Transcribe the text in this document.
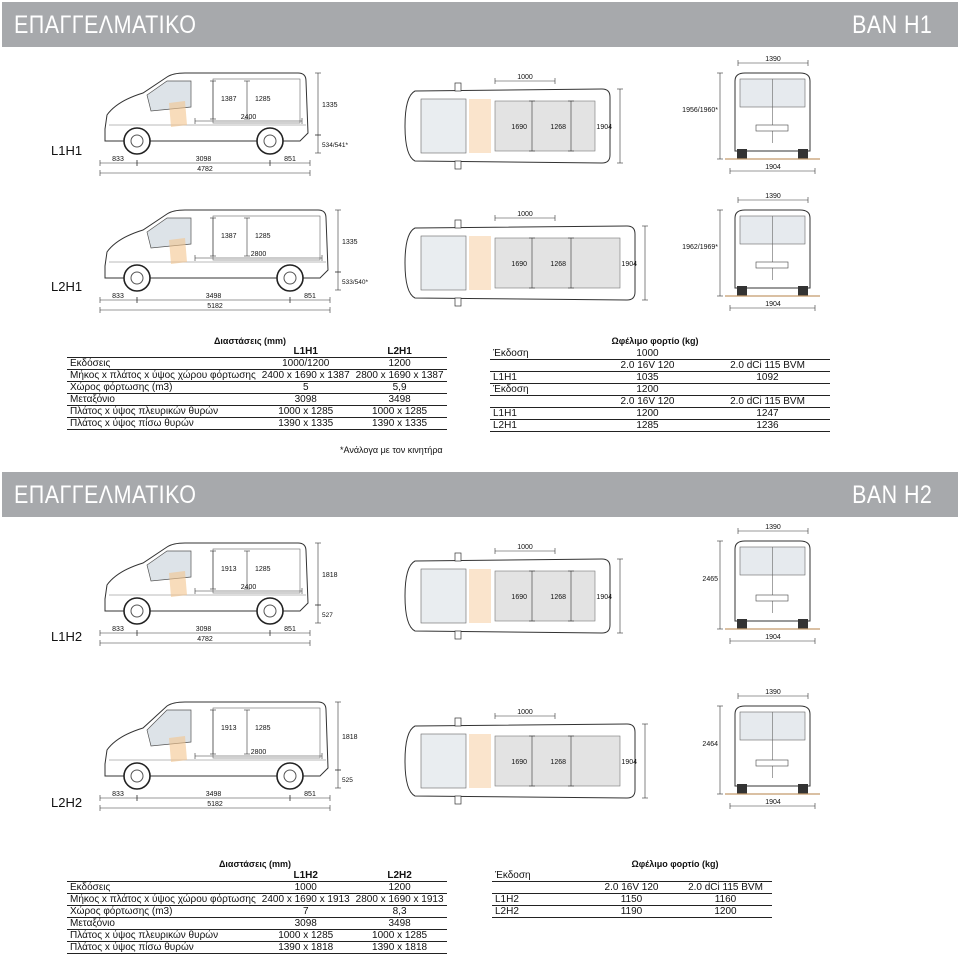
ΕΠΑΓΓΕΛΜΑΤΙΚΟ	BAN H1
ΕΠΑΓΓΕΛΜΑΤΙΚΟ	BAN H2
L1H1
L2H1
L1H2
L2H2
1387	1285
2400
1335
534/541*
833	3098	851
4782
1000
1690	1268	1904
1390
1956/1960*
1904
1387	1285
2800
1335
533/540*
833	3498	851
5182
1000
1690	1268	1904
1390
1962/1969*
1904
1913	1285
2400
1818
527
833	3098	851
4782
1000
1690	1268	1904
1390
2465
1904
1913	1285
2800
1818
525
833	3498	851
5182
1000
1690	1268	1904
1390
2464
1904
Διαστάσεις (mm)
	L1H1	L2H1
Εκδόσεις	1000/1200	1200
Μήκος x πλάτος x ύψος χώρου φόρτωσης	2400 x 1690 x 1387	2800 x 1690 x 1387
Χώρος φόρτωσης (m3)	5	5,9
Μεταξόνιο	3098	3498
Πλάτος x ύψος πλευρικών θυρών	1000 x 1285	1000 x 1285
Πλάτος x ύψος πίσω θυρών	1390 x 1335	1390 x 1335
*Ανάλογα με τον κινητήρα
Ωφέλιμο φορτίο (kg)
Έκδοση	1000	
	2.0 16V 120	2.0 dCi 115 BVM
L1H1	1035	1092
Έκδοση	1200	
	2.0 16V 120	2.0 dCi 115 BVM
L1H1	1200	1247
L2H1	1285	1236
Διαστάσεις (mm)
	L1H2	L2H2
Εκδόσεις	1000	1200
Μήκος x πλάτος x ύψος χώρου φόρτωσης	2400 x 1690 x 1913	2800 x 1690 x 1913
Χώρος φόρτωσης (m3)	7	8,3
Μεταξόνιο	3098	3498
Πλάτος x ύψος πλευρικών θυρών	1000 x 1285	1000 x 1285
Πλάτος x ύψος πίσω θυρών	1390 x 1818	1390 x 1818
Ωφέλιμο φορτίο (kg)
Έκδοση		
	2.0 16V 120	2.0 dCi 115 BVM
L1H2	1150	1160
L2H2	1190	1200
